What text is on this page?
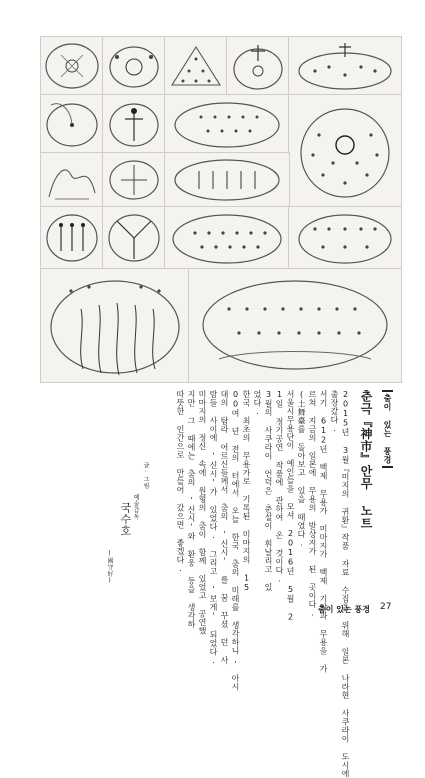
춤이 있는 풍경
춘극『神市』안무 노트
2015년 3월『미지의 귀환』작품 자료 수집을 위해 일본 나라현 사쿠라이 도시에
출장갔다.
서기 612년 백제 무용가 미마지가 백제 기악과 무용을 가
르쳐 지금의 일본에 무용의 발상지가 된 곳이다.
(土舞臺를 돌아보고 있을 때였다.
서울시무용단이 예인들을 모셔 2016년 5월 2
1일 정기공연 작품에 관하여 온 것이다.
3월의 사쿠라이 언덕은 춘설이 휘날리고 있
었다.
한국 최초의 무용가로 기록된 미마지의 15
00여 년 전의 터에서 오늘 한국 춤의 미래를 생각하니, 아시
대의 탐라 어르신들께서 춤의 '신시' 를 꿈 꾸셨 던 사
람들 사이에 '신시'가 있었다. 그리고 '보게' 되었다.
미마지의 정신 속에 원형의 춤이 함께 있었고 공연했
지만 그 때에는 춤의 '신시'와 환웅 등을 생각하
따뜻한 인간으로 만들어 갔으면 좋겠다.
글·그림
예술감독
국수호
(國守好)
춤이 있는 풍경 27
